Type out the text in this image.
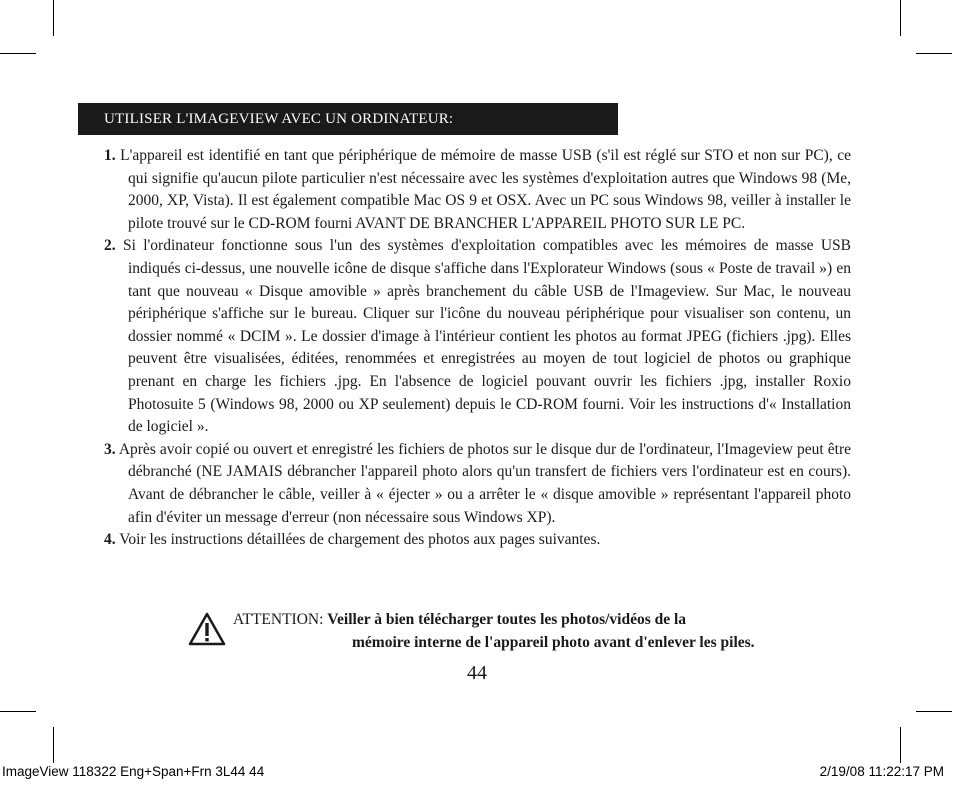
UTILISER L'IMAGEVIEW AVEC UN ORDINATEUR:

1. L'appareil est identifié en tant que périphérique de mémoire de masse USB (s'il est réglé sur STO et non sur PC), ce qui signifie qu'aucun pilote particulier n'est nécessaire avec les systèmes d'exploitation autres que Windows 98 (Me, 2000, XP, Vista). Il est également compatible Mac OS 9 et OSX. Avec un PC sous Windows 98, veiller à installer le pilote trouvé sur le CD-ROM fourni AVANT DE BRANCHER L'APPAREIL PHOTO SUR LE PC.

2. Si l'ordinateur fonctionne sous l'un des systèmes d'exploitation compatibles avec les mémoires de masse USB indiqués ci-dessus, une nouvelle icône de disque s'affiche dans l'Explorateur Windows (sous « Poste de travail ») en tant que nouveau « Disque amovible » après branchement du câble USB de l'Imageview. Sur Mac, le nouveau périphérique s'affiche sur le bureau. Cliquer sur l'icône du nouveau périphérique pour visualiser son contenu, un dossier nommé « DCIM ». Le dossier d'image à l'intérieur contient les photos au format JPEG (fichiers .jpg). Elles peuvent être visualisées, éditées, renommées et enregistrées au moyen de tout logiciel de photos ou graphique prenant en charge les fichiers .jpg. En l'absence de logiciel pouvant ouvrir les fichiers .jpg, installer Roxio Photosuite 5 (Windows 98, 2000 ou XP seulement) depuis le CD-ROM fourni. Voir les instructions d'« Installation de logiciel ».

3. Après avoir copié ou ouvert et enregistré les fichiers de photos sur le disque dur de l'ordinateur, l'Imageview peut être débranché (NE JAMAIS débrancher l'appareil photo alors qu'un transfert de fichiers vers l'ordinateur est en cours). Avant de débrancher le câble, veiller à « éjecter » ou a arrêter le « disque amovible » représentant l'appareil photo afin d'éviter un message d'erreur (non nécessaire sous Windows XP).

4. Voir les instructions détaillées de chargement des photos aux pages suivantes.

ATTENTION: Veiller à bien télécharger toutes les photos/vidéos de la
mémoire interne de l'appareil photo avant d'enlever les piles.
44
ImageView 118322 Eng+Span+Frn 3L44 44	2/19/08 11:22:17 PM
